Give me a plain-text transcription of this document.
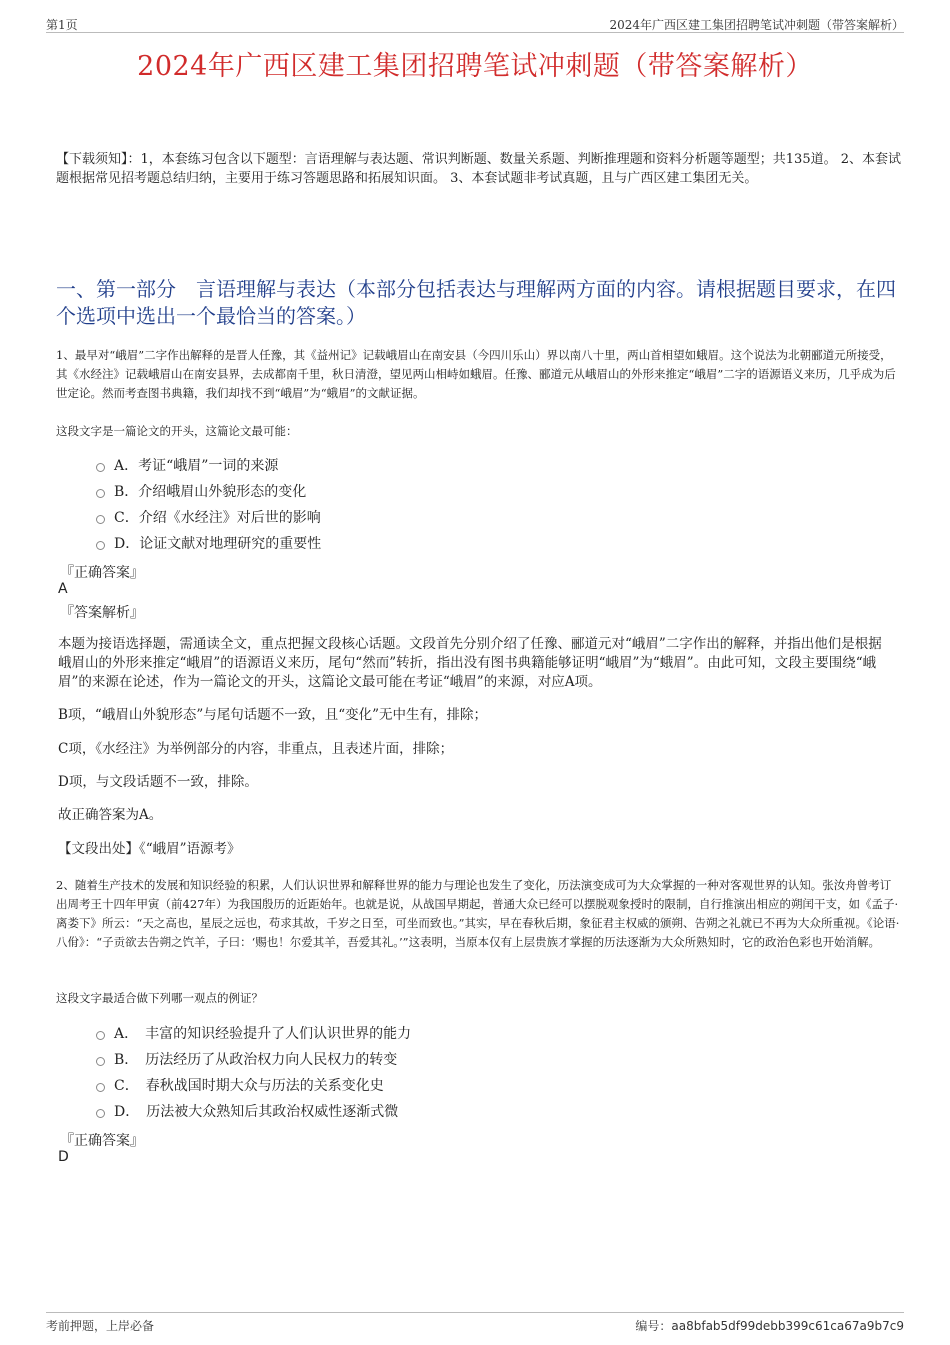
第1页	2024年广西区建工集团招聘笔试冲刺题（带答案解析）
2024年广西区建工集团招聘笔试冲刺题（带答案解析）
【下载须知】：1，本套练习包含以下题型：言语理解与表达题、常识判断题、数量关系题、判断推理题和资料分析题等题型；共135道。 2、本套试题根据常见招考题总结归纳，主要用于练习答题思路和拓展知识面。 3、本套试题非考试真题，且与广西区建工集团无关。
一、第一部分　言语理解与表达（本部分包括表达与理解两方面的内容。请根据题目要求，在四个选项中选出一个最恰当的答案。）
1、最早对“峨眉”二字作出解释的是晋人任豫，其《益州记》记载峨眉山在南安县（今四川乐山）界以南八十里，两山首相望如蛾眉。这个说法为北朝郦道元所接受，其《水经注》记载峨眉山在南安县界，去成都南千里，秋日清澄，望见两山相峙如蛾眉。任豫、郦道元从峨眉山的外形来推定“峨眉”二字的语源语义来历，几乎成为后世定论。然而考查图书典籍，我们却找不到“峨眉”为“蛾眉”的文献证据。
这段文字是一篇论文的开头，这篇论文最可能：
A．考证“峨眉”一词的来源
B．介绍峨眉山外貌形态的变化
C．介绍《水经注》对后世的影响
D．论证文献对地理研究的重要性
『正确答案』
A
『答案解析』
本题为接语选择题，需通读全文，重点把握文段核心话题。文段首先分别介绍了任豫、郦道元对“峨眉”二字作出的解释，并指出他们是根据峨眉山的外形来推定“峨眉”的语源语义来历，尾句“然而”转折，指出没有图书典籍能够证明“峨眉”为“蛾眉”。由此可知，文段主要围绕“峨眉”的来源在论述，作为一篇论文的开头，这篇论文最可能在考证“峨眉”的来源，对应A项。
B项，“峨眉山外貌形态”与尾句话题不一致，且“变化”无中生有，排除；
C项，《水经注》为举例部分的内容，非重点，且表述片面，排除；
D项，与文段话题不一致，排除。
故正确答案为A。
【文段出处】《“峨眉”语源考》
2、随着生产技术的发展和知识经验的积累，人们认识世界和解释世界的能力与理论也发生了变化，历法演变成可为大众掌握的一种对客观世界的认知。张汝舟曾考订出周考王十四年甲寅（前427年）为我国殷历的近距始年。也就是说，从战国早期起，普通大众已经可以摆脱观象授时的限制，自行推演出相应的朔闰干支，如《孟子·离娄下》所云：“天之高也，星辰之远也，苟求其故，千岁之日至，可坐而致也。”其实，早在春秋后期，象征君主权威的颁朔、告朔之礼就已不再为大众所重视。《论语·八佾》：“子贡欲去告朔之饩羊，子曰：‘赐也！尔爱其羊，吾爱其礼。’”这表明，当原本仅有上层贵族才掌握的历法逐渐为大众所熟知时，它的政治色彩也开始消解。
这段文字最适合做下列哪一观点的例证？
A．　丰富的知识经验提升了人们认识世界的能力
B．　历法经历了从政治权力向人民权力的转变
C．　春秋战国时期大众与历法的关系变化史
D．　历法被大众熟知后其政治权威性逐渐式微
『正确答案』
D
考前押题，上岸必备	编号：aa8bfab5df99debb399c61ca67a9b7c9
